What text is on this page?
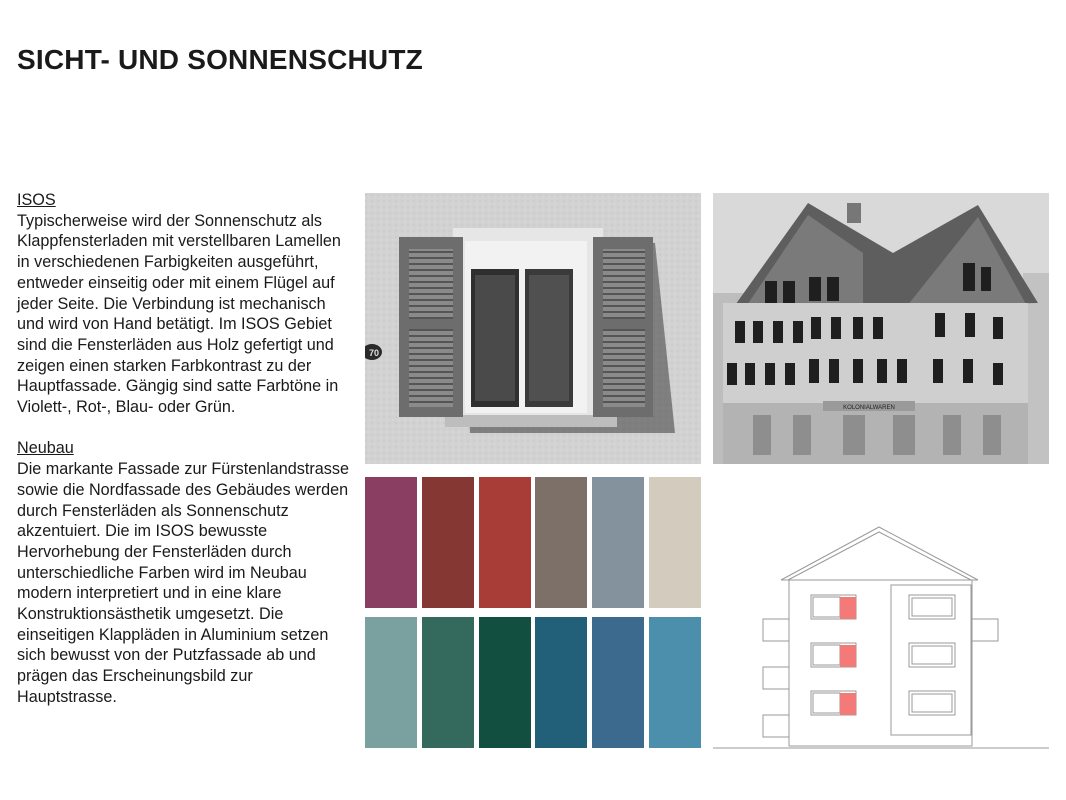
SICHT- UND SONNENSCHUTZ
ISOS

Typischerweise wird der Sonnenschutz als Klappfensterladen mit verstellbaren Lamellen in verschiedenen Farbigkeiten ausgeführt, entweder einseitig oder mit einem Flügel auf jeder Seite. Die Verbindung ist mechanisch und wird von Hand betätigt. Im ISOS Gebiet sind die Fensterläden aus Holz gefertigt und zeigen einen starken Farbkontrast zu der Hauptfassade. Gängig sind satte Farbtöne in Violett-, Rot-, Blau- oder Grün.

Neubau

Die markante Fassade zur Fürstenlandstrasse sowie die Nordfassade des Gebäudes werden durch Fensterläden als Sonnenschutz akzentuiert. Die im ISOS bewusste Hervorhebung der Fensterläden durch unterschiedliche Farben wird im Neubau modern interpretiert und in eine klare Konstruktionsästhetik umgesetzt. Die einseitigen Klappläden in Aluminium setzen sich bewusst von der Putzfassade ab und prägen das Erscheinungsbild zur Hauptstrasse.

70
KOLONIALWAREN
